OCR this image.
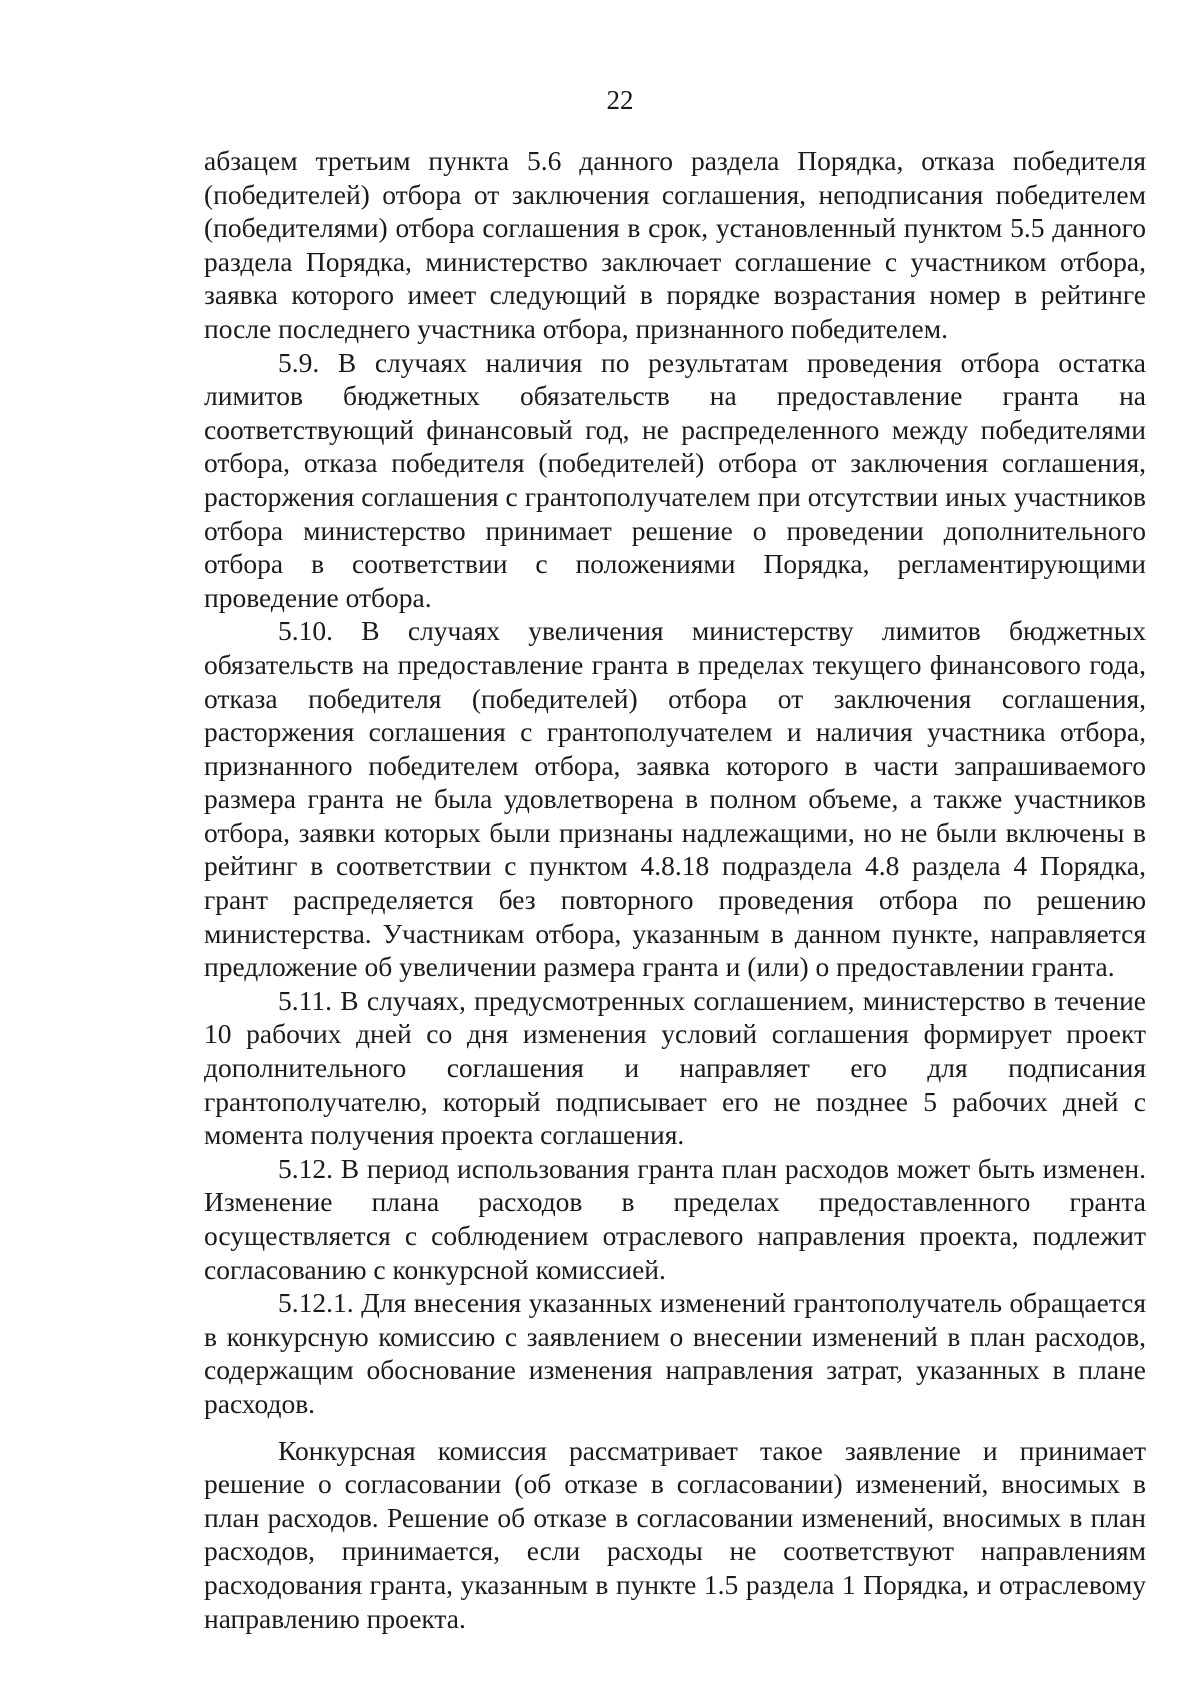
22

абзацем третьим пункта 5.6 данного раздела Порядка, отказа победителя (победителей) отбора от заключения соглашения, неподписания победителем (победителями) отбора соглашения в срок, установленный пунктом 5.5 данного раздела Порядка, министерство заключает соглашение с участником отбора, заявка которого имеет следующий в порядке возрастания номер в рейтинге после последнего участника отбора, признанного победителем.

5.9. В случаях наличия по результатам проведения отбора остатка лимитов бюджетных обязательств на предоставление гранта на соответствующий финансовый год, не распределенного между победителями отбора, отказа победителя (победителей) отбора от заключения соглашения, расторжения соглашения с грантополучателем при отсутствии иных участников отбора министерство принимает решение о проведении дополнительного отбора в соответствии с положениями Порядка, регламентирующими проведение отбора.

5.10. В случаях увеличения министерству лимитов бюджетных обязательств на предоставление гранта в пределах текущего финансового года, отказа победителя (победителей) отбора от заключения соглашения, расторжения соглашения с грантополучателем и наличия участника отбора, признанного победителем отбора, заявка которого в части запрашиваемого размера гранта не была удовлетворена в полном объеме, а также участников отбора, заявки которых были признаны надлежащими, но не были включены в рейтинг в соответствии с пунктом 4.8.18 подраздела 4.8 раздела 4 Порядка, грант распределяется без повторного проведения отбора по решению министерства. Участникам отбора, указанным в данном пункте, направляется предложение об увеличении размера гранта и (или) о предоставлении гранта.

5.11. В случаях, предусмотренных соглашением, министерство в течение 10 рабочих дней со дня изменения условий соглашения формирует проект дополнительного соглашения и направляет его для подписания грантополучателю, который подписывает его не позднее 5 рабочих дней с момента получения проекта соглашения.

5.12. В период использования гранта план расходов может быть изменен. Изменение плана расходов в пределах предоставленного гранта осуществляется с соблюдением отраслевого направления проекта, подлежит согласованию с конкурсной комиссией.

5.12.1. Для внесения указанных изменений грантополучатель обращается в конкурсную комиссию с заявлением о внесении изменений в план расходов, содержащим обоснование изменения направления затрат, указанных в плане расходов.

Конкурсная комиссия рассматривает такое заявление и принимает решение о согласовании (об отказе в согласовании) изменений, вносимых в план расходов. Решение об отказе в согласовании изменений, вносимых в план расходов, принимается, если расходы не соответствуют направлениям расходования гранта, указанным в пункте 1.5 раздела 1 Порядка, и отраслевому направлению проекта.
